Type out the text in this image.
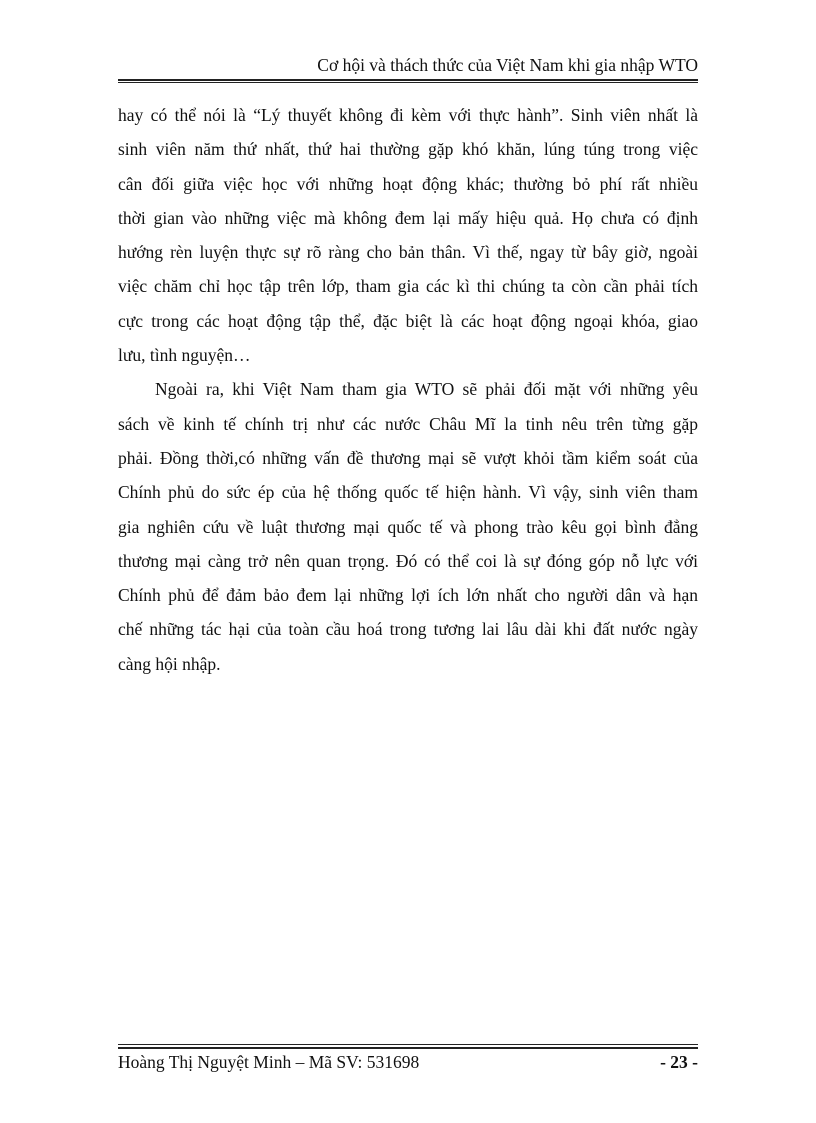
Cơ hội và thách thức của Việt Nam khi gia nhập WTO
hay có thể nói là “Lý thuyết không đi kèm với thực hành”. Sinh viên nhất là
sinh viên năm thứ nhất, thứ hai thường gặp khó khăn, lúng túng trong việc
cân đối giữa việc học với những hoạt động khác; thường bỏ phí rất nhiều
thời gian vào những việc mà không đem lại mấy hiệu quả. Họ chưa có định
hướng rèn luyện thực sự rõ ràng cho bản thân. Vì thế, ngay từ bây giờ, ngoài
việc chăm chỉ học tập trên lớp, tham gia các kì thi chúng ta còn cần phải tích
cực trong các hoạt động tập thể, đặc biệt là các hoạt động ngoại khóa, giao
lưu, tình nguyện…
Ngoài ra, khi Việt Nam tham gia WTO sẽ phải đối mặt với những yêu
sách về kinh tế chính trị như các nước Châu Mĩ la tinh nêu trên từng gặp
phải. Đồng thời,có những vấn đề thương mại sẽ vượt khỏi tầm kiểm soát của
Chính phủ do sức ép của hệ thống quốc tế hiện hành. Vì vậy, sinh viên tham
gia nghiên cứu về luật thương mại quốc tế và phong trào kêu gọi bình đẳng
thương mại càng trở nên quan trọng. Đó có thể coi là sự đóng góp nỗ lực với
Chính phủ để đảm bảo đem lại những lợi ích lớn nhất cho người dân và hạn
chế những tác hại của toàn cầu hoá trong tương lai lâu dài khi đất nước ngày
càng hội nhập.
Hoàng Thị Nguyệt Minh – Mã SV: 531698	- 23 -
